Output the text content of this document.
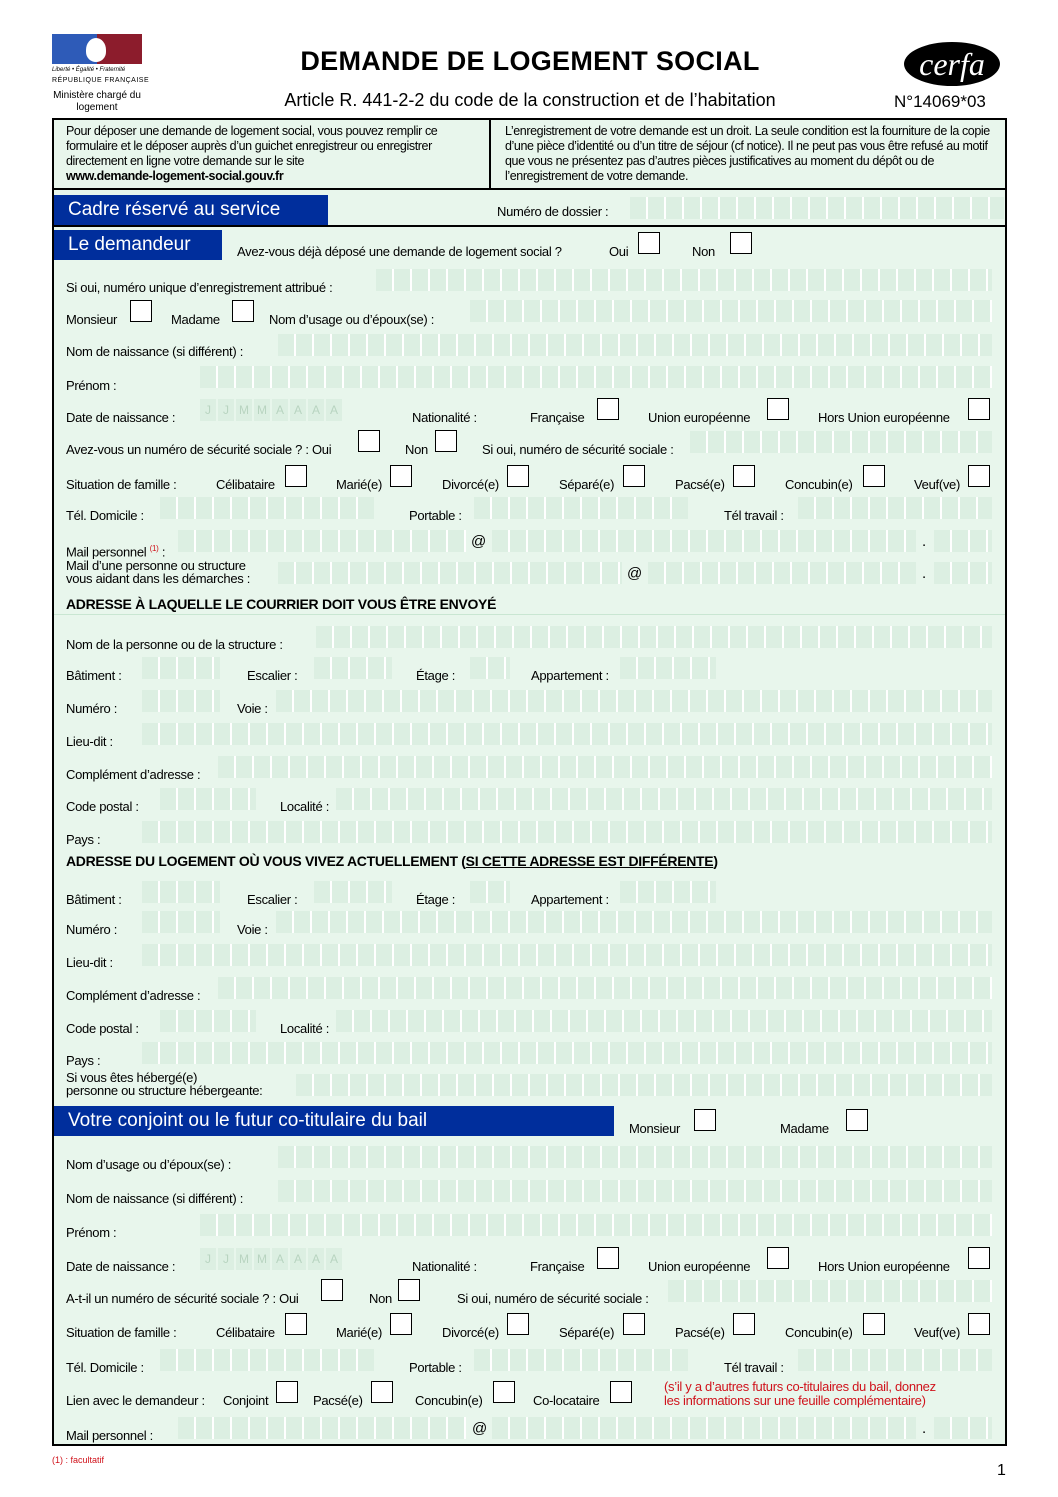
Liberté • Égalité • Fraternité
RÉPUBLIQUE FRANÇAISE
Ministère chargé du logement
DEMANDE DE LOGEMENT SOCIAL
Article R. 441-2-2 du code de la construction et de l’habitation
cerfa
N°14069*03
Pour déposer une demande de logement social, vous pouvez remplir ce formulaire et le déposer auprès d’un guichet enregistreur ou enregistrer directement en ligne votre demande sur le site
www.demande-logement-social.gouv.fr
L’enregistrement de votre demande est un droit. La seule condition est la fourniture de la copie d’une pièce d’identité ou d’un titre de séjour (cf notice). Il ne peut pas vous être refusé au motif que vous ne présentez pas d’autres pièces justificatives au moment du dépôt ou de l’enregistrement de votre demande.
Cadre réservé au service	Numéro de dossier :
Le demandeur	Avez-vous déjà déposé une demande de logement social ?	Oui	Non
Si oui, numéro unique d’enregistrement attribué :
Monsieur	Madame	Nom d’usage ou d’époux(se) :
Nom de naissance (si différent) :
Prénom :
Date de naissance :	J	J M M A A A A	Nationalité :	Française	Union européenne	Hors Union européenne
Avez-vous un numéro de sécurité sociale ? : Oui	Non	Si oui, numéro de sécurité sociale :
Situation de famille :	Célibataire	Marié(e)	Divorcé(e)	Séparé(e)	Pacsé(e)	Concubin(e)	Veuf(ve)
Tél. Domicile :	Portable :	Tél travail :
Mail personnel $^{(1)}$ :
@	.
Mail d’une personne ou structure
vous aidant dans les démarches :	@	.
ADRESSE À LAQUELLE LE COURRIER DOIT VOUS ÊTRE ENVOYÉ
Nom de la personne ou de la structure :
Bâtiment :	Escalier :	Étage :	Appartement :
Numéro :	Voie :
Lieu-dit :
Complément d’adresse :
Code postal :	Localité :
Pays :
ADRESSE DU LOGEMENT OÙ VOUS VIVEZ ACTUELLEMENT (SI CETTE ADRESSE EST DIFFÉRENTE)
Bâtiment :	Escalier :	Étage :	Appartement :
Numéro :	Voie :
Lieu-dit :
Complément d’adresse :
Code postal :	Localité :
Pays :
Si vous êtes hébergé(e)
personne ou structure hébergeante:
Votre conjoint ou le futur co-titulaire du bail	Monsieur	Madame
Nom d’usage ou d’époux(se) :
Nom de naissance (si différent) :
Prénom :
Date de naissance :	J	J M M A A A A	Nationalité :	Française	Union européenne	Hors Union européenne
A-t-il un numéro de sécurité sociale ? : Oui	Non	Si oui, numéro de sécurité sociale :
Situation de famille :	Célibataire	Marié(e)	Divorcé(e)	Séparé(e)	Pacsé(e)	Concubin(e)	Veuf(ve)
Tél. Domicile :	Portable :	Tél travail :
Lien avec le demandeur : Conjoint	Pacsé(e)	Concubin(e)	Co-locataire
(s’il y a d’autres futurs co-titulaires du bail, donnez
les informations sur une feuille complémentaire)
Mail personnel :	@	.
(1) : facultatif
1
